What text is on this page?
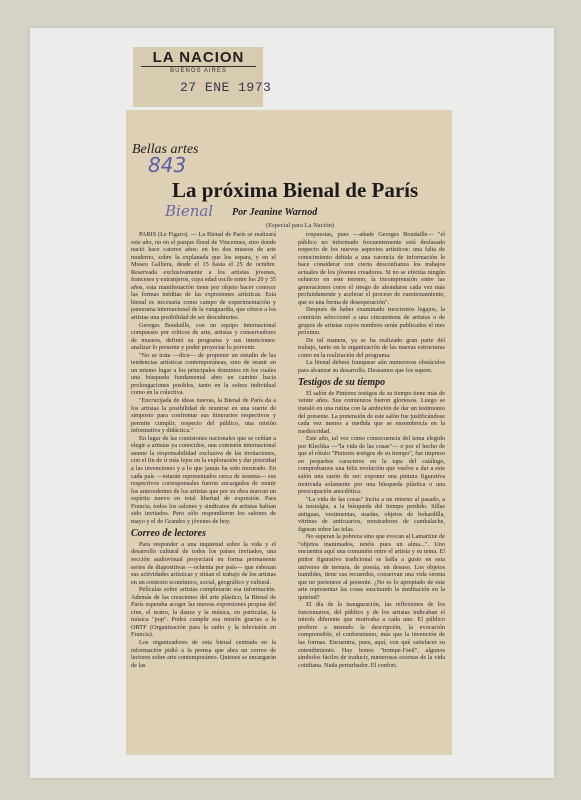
LA NACION
BUENOS AIRES
27 ENE 1973
Bellas artes
843
La próxima Bienal de París
Bienal Por Jeanine Warnod
(Especial para La Nación)

PARIS (Le Figaro). — La Bienal de París se realizará este año, no en el parque floral de Vincennes, sino donde nació hace catorce años: en los dos museos de arte moderno, sobre la explanada que los separa, y en el Museo Galliera, desde el 15 hasta el 25 de octubre. Reservada exclusivamente a los artistas jóvenes, franceses y extranjeros, cuya edad oscile entre los 20 y 35 años, esta manifestación tiene por objeto hacer conocer las formas inéditas de las expresiones artísticas. Esta bienal es necesaria como campo de experimentación y panorama internacional de la vanguardia, que ofrece a los artistas una posibilidad de ser descubiertos.

Georges Boudaille, con un equipo internacional compuesto por críticos de arte, artistas y conservadores de museos, definió su programa y sus intenciones: analizar lo presente y poder proyectar lo porvenir.

"No se trata —dice— de proponer un estudio de las tendencias artísticas contemporáneas, sino de reunir en un mismo lugar a los principales dominios en los cuales una búsqueda fundamental abre un camino hacia prolongaciones posibles, tanto en la esfera individual como en la colectiva.

"Encrucijada de ideas nuevas, la Bienal de París da a los artistas la posibilidad de reunirse en una suerte de simposio para confrontar sus itinerarios respectivos y permite cumplir, respecto del público, una misión informativa y didáctica."

En lugar de las comisiones nacionales que se ceñían a elegir a artistas ya conocidos, una comisión internacional asume la responsabilidad exclusiva de las invitaciones, con el fin de ir más lejos en la exploración y dar prioridad a las invenciones y a lo que jamás ha sido mostrado. En cada país —estarán representados cerca de sesenta— sus respectivos corresponsales fueron encargados de reunir los antecedentes de los artistas que por su obra marcan un espíritu nuevo en total libertad de expresión. Para Francia, todos los salones y sindicatos de artistas habían sido invitados. Pero sólo respondieron los salones de mayo y el de Grandes y jóvenes de hoy.

Correo de lectores

Para responder a una inquietud sobre la vida y el desarrollo cultural de todos los países invitados, una sección audiovisual proyectará en forma permanente series de diapositivas —ochenta por país— que esbozan sus actividades artísticas y sitúan el trabajo de los artistas en un contexto económico, social, geográfico y cultural.

Películas sobre artistas completarán esa información. Además de las creaciones del arte plástico, la Bienal de París esperaba acoger las nuevas expresiones propias del cine, el teatro, la danza y la música, en particular, la música "pop". Podrá cumplir esa misión gracias a la ORTF (Organización para la radio y la televisión en Francia).

Los organizadores de esta bienal centrada en la información pidió a la prensa que abra un correo de lectores sobre arte contemporáneo. Quienes se encargarán de las

respuestas, pues —añade Georges Boudaille— "el público no informado frecuentemente está desfasado respecto de los nuevos aspectos artísticos: una falta de conocimiento debida a una carencia de información le hace considerar con cierta desconfianza los trabajos actuales de los jóvenes creadores. Si no se efectúa ningún esfuerzo en este terreno, la incomprensión entre las generaciones corre el riesgo de ahondarse cada vez más profundamente y acelerar el proceso de cuestionamiento, que es una forma de desesperación".

Después de haber examinado trescientos legajos, la comisión seleccionó a una cincuentena de artistas o de grupos de artistas cuyos nombres serán publicados el mes próximo.

De tal manera, ya se ha realizado gran parte del trabajo, tanto en la organización de las nuevas estructuras como en la realización del programa.

La bienal deberá franquear aún numerosos obstáculos para alcanzar su desarrollo. Deseamos que los supere.

Testigos de su tiempo

El salón de Pintores testigos de su tiempo tiene más de veinte años. Sus comienzos fueron gloriosos. Luego se instaló en una rutina con la ambición de dar un testimonio del presente. La pretensión de este salón fue justificándose cada vez menos a medida que se ensombrecía en la mediocridad.

Este año, tal vez como consecuencia del tema elegido por Klechka —"la vida de las cosas"— o por el hecho de que el rótulo "Pintores testigos de su tiempo", fue impreso en pequeños caracteres en la tapa del catálogo, comprobamos una feliz evolución que vuelve a dar a este salón una razón de ser: exponer una pintura figurativa motivada solamente por una búsqueda plástica o una preocupación anecdótica.

"La vida de las cosas" incita a un retorno al pasado, a la nostalgia, a la búsqueda del tiempo perdido. Sillas antiguas, vestimentas, usadas, objetos de bohardilla, vitrinas de anticuarios, mostradores de cambalache, figuran sobre las telas.

No superan la pobreza sino que evocan al Lamartine de "objetos inanimados, tenéis pues un alma...". Uno encuentra aquí una comunión entre el artista y su tema. El pintor figurativo tradicional se halla a gusto en esta universo de ternura, de poesía, en desuso. Los objetos humildes, tiene sus recuerdos, conservan una vida serena que no pertenece al presente. ¿No es lo apropiado de este arte representar las cosas suscitando la meditación en la quietud?

El día de la inauguración, las reflexiones de los funcionarios, del público y de los artistas indicaban el interés diferente que motivaba a cada uno. El público prefiere a menudo la descripción, la evocación comprensible, el conformismo, más que la invención de las formas. Encuentra, pues, aquí, con qué satisfacer su entendimiento. Hay bonos "trompe-l'oeil", algunos símbolos fáciles de traducir, numerosas escenas de la vida cotidiana. Nada perturbador. El confort.
